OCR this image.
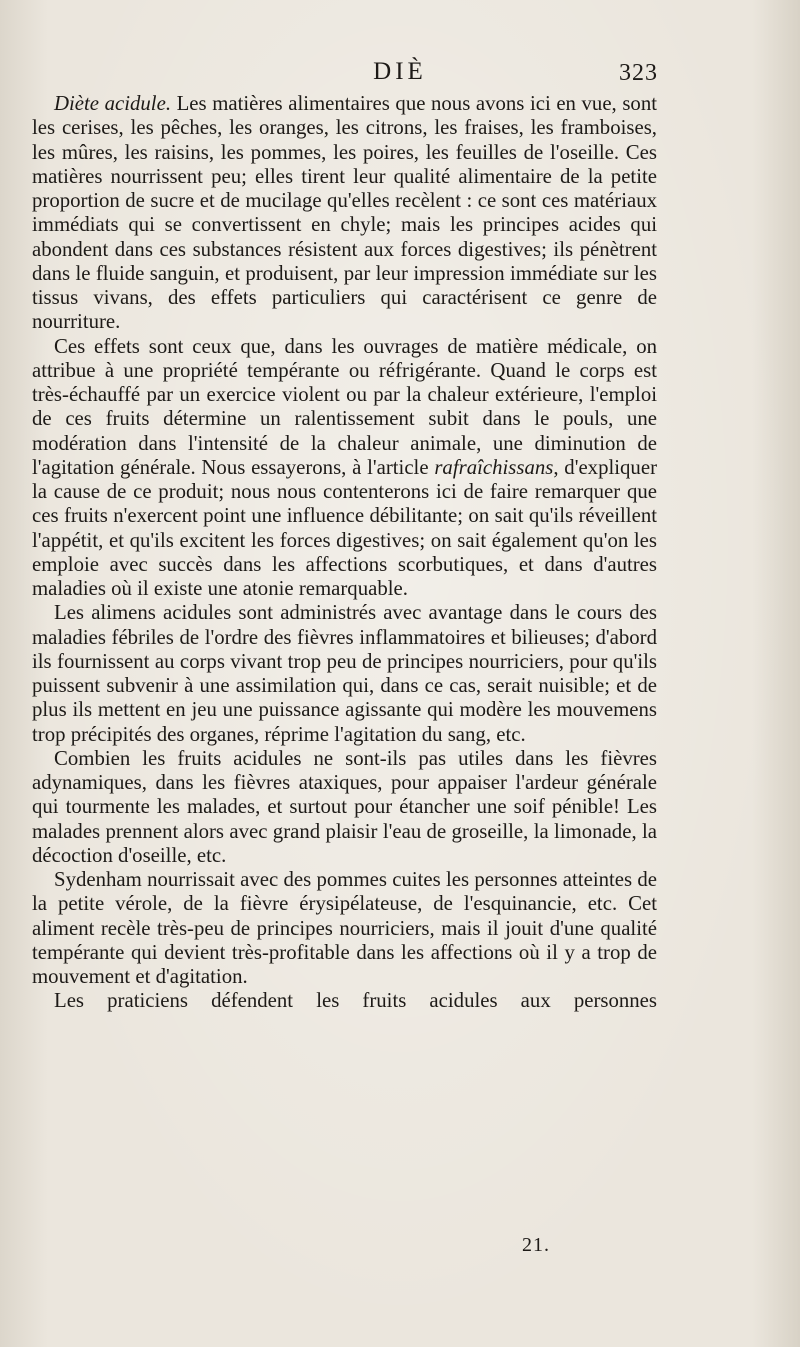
DIÈ	323

Diète acidule. Les matières alimentaires que nous avons ici en vue, sont les cerises, les pêches, les oranges, les citrons, les fraises, les framboises, les mûres, les raisins, les pommes, les poires, les feuilles de l'oseille. Ces matières nourrissent peu; elles tirent leur qualité alimentaire de la petite proportion de sucre et de mucilage qu'elles recèlent : ce sont ces matériaux immédiats qui se convertissent en chyle; mais les principes acides qui abondent dans ces substances résistent aux forces digestives; ils pénètrent dans le fluide sanguin, et produisent, par leur impression immédiate sur les tissus vivans, des effets particuliers qui caractérisent ce genre de nourriture.

Ces effets sont ceux que, dans les ouvrages de matière médicale, on attribue à une propriété tempérante ou réfrigérante. Quand le corps est très-échauffé par un exercice violent ou par la chaleur extérieure, l'emploi de ces fruits détermine un ralentissement subit dans le pouls, une modération dans l'intensité de la chaleur animale, une diminution de l'agitation générale. Nous essayerons, à l'article rafraîchissans, d'expliquer la cause de ce produit; nous nous contenterons ici de faire remarquer que ces fruits n'exercent point une influence débilitante; on sait qu'ils réveillent l'appétit, et qu'ils excitent les forces digestives; on sait également qu'on les emploie avec succès dans les affections scorbutiques, et dans d'autres maladies où il existe une atonie remarquable.

Les alimens acidules sont administrés avec avantage dans le cours des maladies fébriles de l'ordre des fièvres inflammatoires et bilieuses; d'abord ils fournissent au corps vivant trop peu de principes nourriciers, pour qu'ils puissent subvenir à une assimilation qui, dans ce cas, serait nuisible; et de plus ils mettent en jeu une puissance agissante qui modère les mouvemens trop précipités des organes, réprime l'agitation du sang, etc.

Combien les fruits acidules ne sont-ils pas utiles dans les fièvres adynamiques, dans les fièvres ataxiques, pour appaiser l'ardeur générale qui tourmente les malades, et surtout pour étancher une soif pénible! Les malades prennent alors avec grand plaisir l'eau de groseille, la limonade, la décoction d'oseille, etc.

Sydenham nourrissait avec des pommes cuites les personnes atteintes de la petite vérole, de la fièvre érysipélateuse, de l'esquinancie, etc. Cet aliment recèle très-peu de principes nourriciers, mais il jouit d'une qualité tempérante qui devient très-profitable dans les affections où il y a trop de mouvement et d'agitation.

Les praticiens défendent les fruits acidules aux personnes

21.
